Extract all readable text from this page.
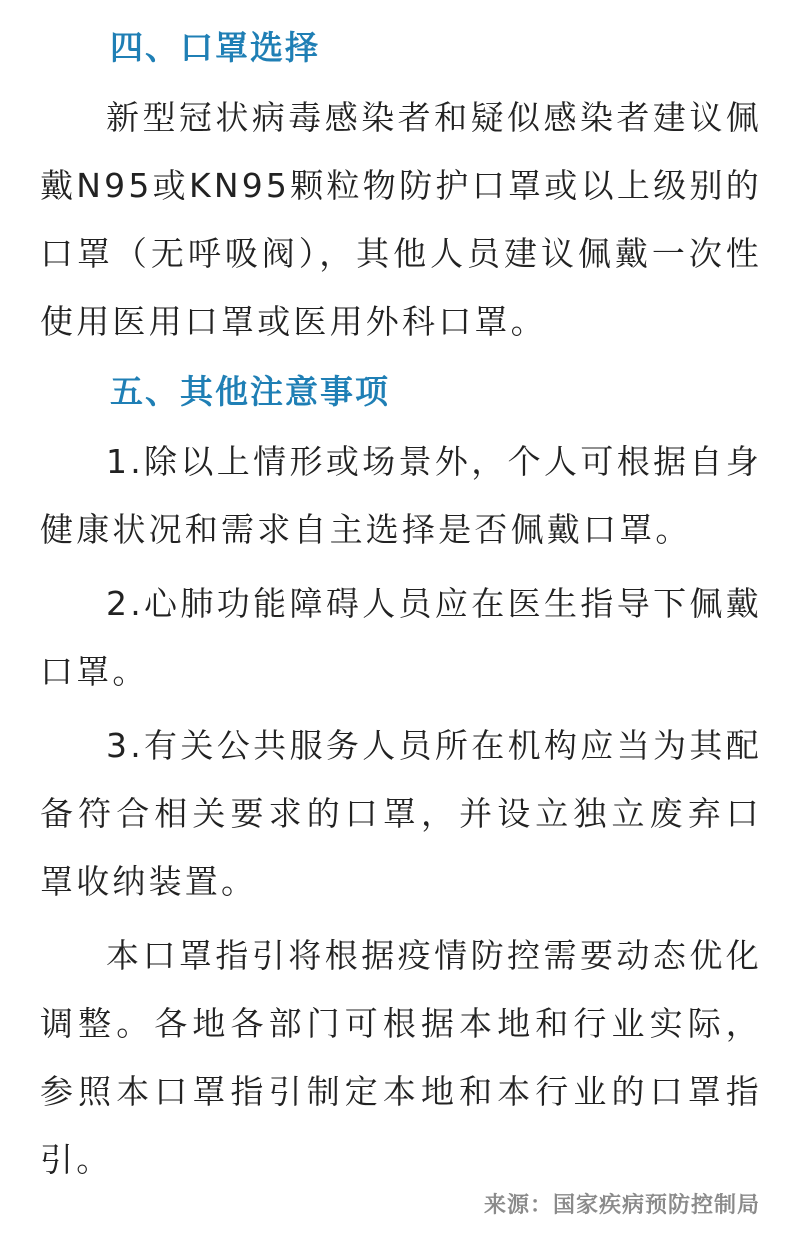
四、口罩选择

新型冠状病毒感染者和疑似感染者建议佩戴N95或KN95颗粒物防护口罩或以上级别的口罩（无呼吸阀），其他人员建议佩戴一次性使用医用口罩或医用外科口罩。

五、其他注意事项

1.除以上情形或场景外，个人可根据自身健康状况和需求自主选择是否佩戴口罩。

2.心肺功能障碍人员应在医生指导下佩戴口罩。

3.有关公共服务人员所在机构应当为其配备符合相关要求的口罩，并设立独立废弃口罩收纳装置。

本口罩指引将根据疫情防控需要动态优化调整。各地各部门可根据本地和行业实际，参照本口罩指引制定本地和本行业的口罩指引。

来源：国家疾病预防控制局
